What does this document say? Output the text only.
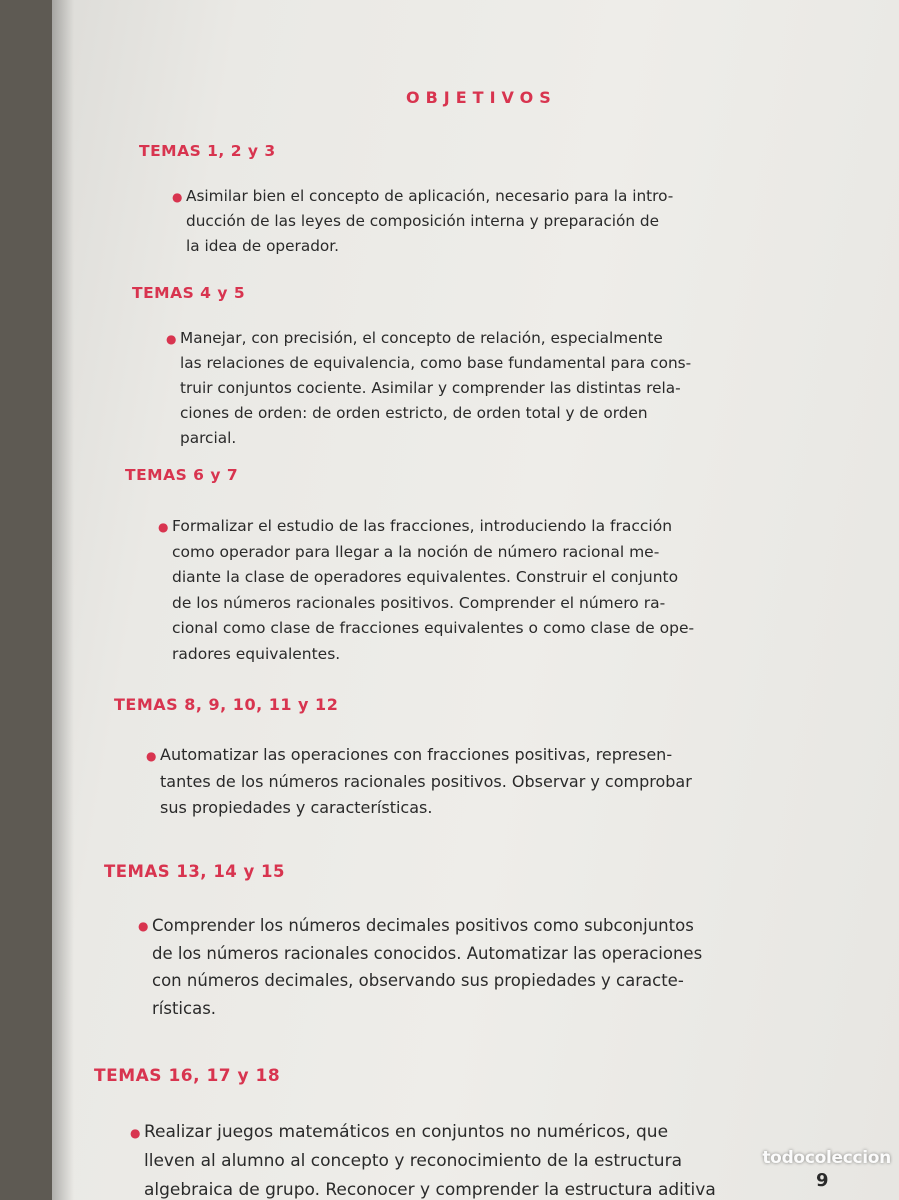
OBJETIVOS
TEMAS 1, 2 y 3
● Asimilar bien el concepto de aplicación, necesario para la intro-
ducción de las leyes de composición interna y preparación de
la idea de operador.
TEMAS 4 y 5
● Manejar, con precisión, el concepto de relación, especialmente
las relaciones de equivalencia, como base fundamental para cons-
truir conjuntos cociente. Asimilar y comprender las distintas rela-
ciones de orden: de orden estricto, de orden total y de orden
parcial.
TEMAS 6 y 7
● Formalizar el estudio de las fracciones, introduciendo la fracción
como operador para llegar a la noción de número racional me-
diante la clase de operadores equivalentes. Construir el conjunto
de los números racionales positivos. Comprender el número ra-
cional como clase de fracciones equivalentes o como clase de ope-
radores equivalentes.
TEMAS 8, 9, 10, 11 y 12
● Automatizar las operaciones con fracciones positivas, represen-
tantes de los números racionales positivos. Observar y comprobar
sus propiedades y características.
TEMAS 13, 14 y 15
● Comprender los números decimales positivos como subconjuntos
de los números racionales conocidos. Automatizar las operaciones
con números decimales, observando sus propiedades y caracte-
rísticas.
TEMAS 16, 17 y 18
● Realizar juegos matemáticos en conjuntos no numéricos, que
lleven al alumno al concepto y reconocimiento de la estructura
algebraica de grupo. Reconocer y comprender la estructura aditiva	9
todocoleccion
